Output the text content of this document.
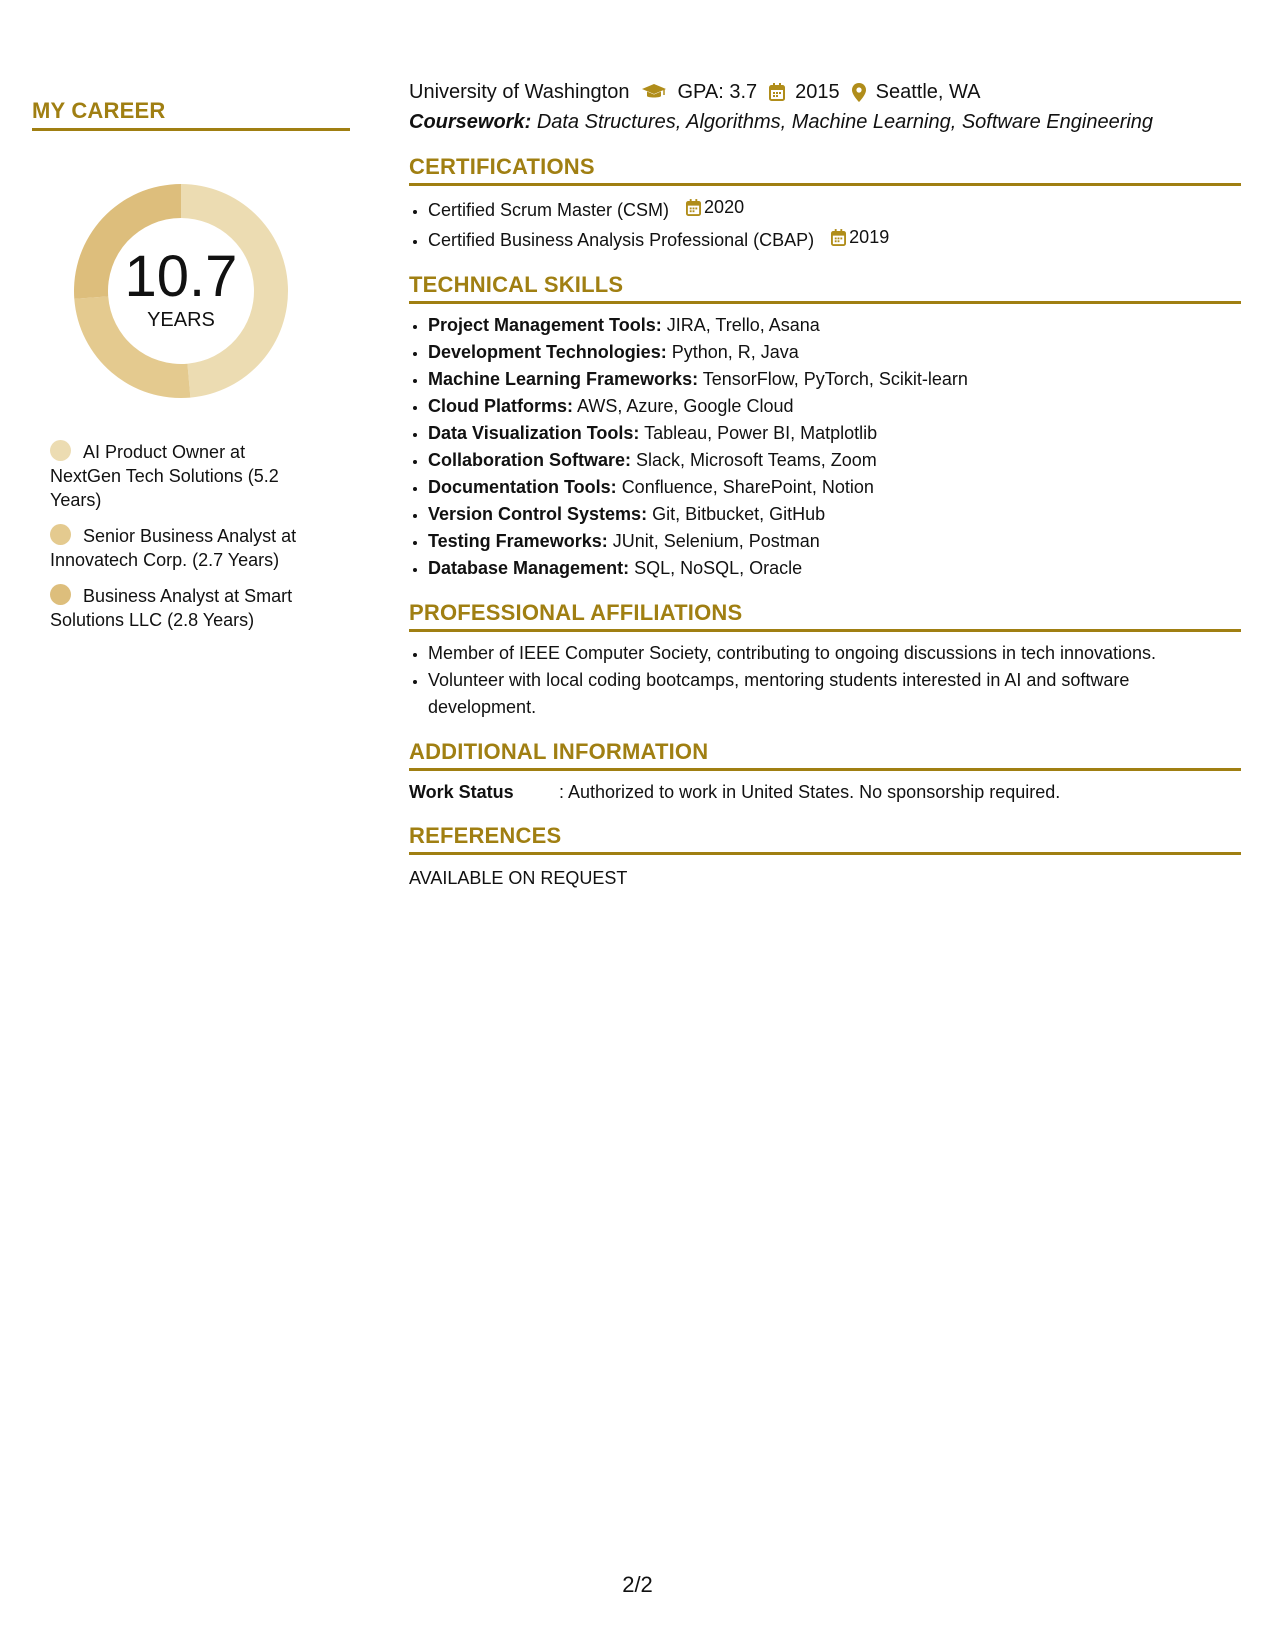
MY CAREER
10.7
YEARS
AI Product Owner at NextGen Tech Solutions (5.2 Years)
Senior Business Analyst at Innovatech Corp. (2.7 Years)
Business Analyst at Smart Solutions LLC (2.8 Years)
University of Washington GPA: 3.7 2015 Seattle, WA
Coursework: Data Structures, Algorithms, Machine Learning, Software Engineering
CERTIFICATIONS
• Certified Scrum Master (CSM) 2020
• Certified Business Analysis Professional (CBAP) 2019
TECHNICAL SKILLS
• Project Management Tools: JIRA, Trello, Asana
• Development Technologies: Python, R, Java
• Machine Learning Frameworks: TensorFlow, PyTorch, Scikit-learn
• Cloud Platforms: AWS, Azure, Google Cloud
• Data Visualization Tools: Tableau, Power BI, Matplotlib
• Collaboration Software: Slack, Microsoft Teams, Zoom
• Documentation Tools: Confluence, SharePoint, Notion
• Version Control Systems: Git, Bitbucket, GitHub
• Testing Frameworks: JUnit, Selenium, Postman
• Database Management: SQL, NoSQL, Oracle
PROFESSIONAL AFFILIATIONS
• Member of IEEE Computer Society, contributing to ongoing discussions in tech innovations.
• Volunteer with local coding bootcamps, mentoring students interested in AI and software development.
ADDITIONAL INFORMATION
Work Status	: Authorized to work in United States. No sponsorship required.
REFERENCES
AVAILABLE ON REQUEST
2/2
